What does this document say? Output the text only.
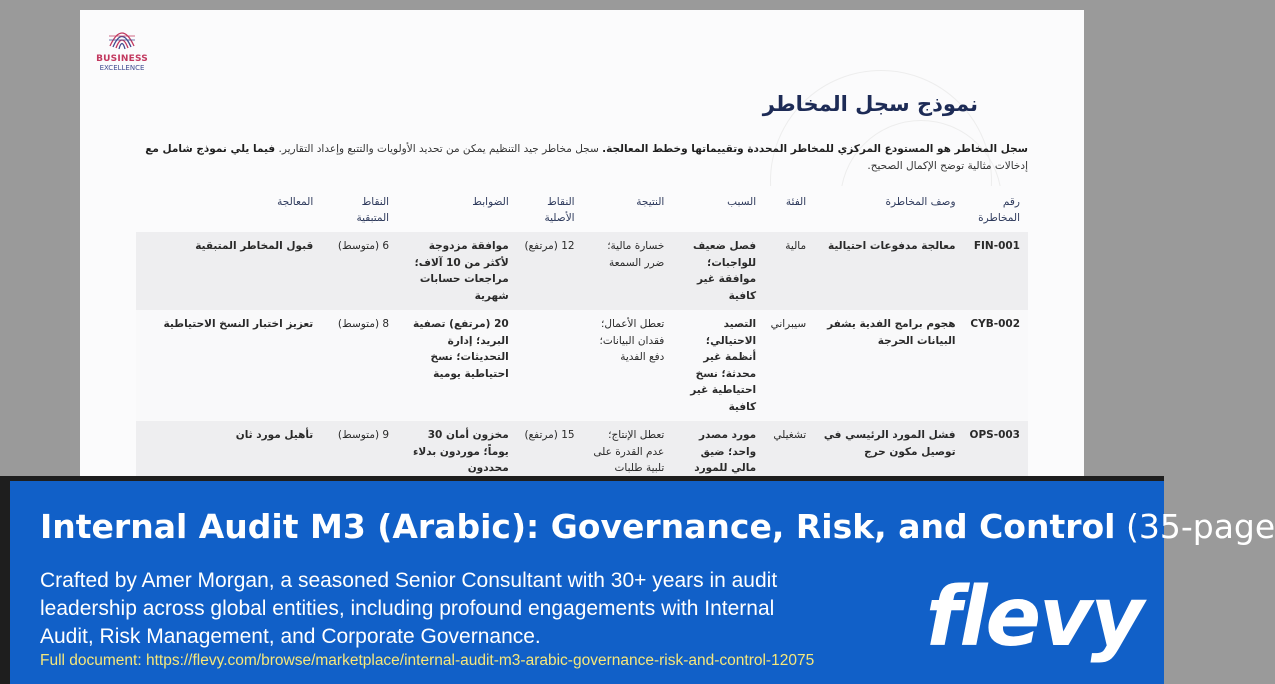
BUSINESS
EXCELLENCE
نموذج سجل المخاطر
سجل المخاطر هو المستودع المركزي للمخاطر المحددة وتقييماتها وخطط المعالجة. سجل مخاطر جيد التنظيم يمكن من تحديد الأولويات والتتبع وإعداد التقارير. فيما يلي نموذج شامل مع
إدخالات مثالية توضح الإكمال الصحيح.
رقم المخاطرة	وصف المخاطرة	الفئة	السبب	النتيجة	النقاط الأصلية	الضوابط	النقاط المتبقية	المعالجة
FIN-001	معالجة مدفوعات احتيالية	مالية	فصل ضعيف للواجبات؛ موافقة غير كافية	خسارة مالية؛ ضرر السمعة	12 (مرتفع)	موافقة مزدوجة لأكثر من 10 آلاف؛ مراجعات حسابات شهرية	6 (متوسط)	قبول المخاطر المتبقية
CYB-002	هجوم برامج الفدية يشفر البيانات الحرجة	سيبراني	التصيد الاحتيالي؛ أنظمة غير محدثة؛ نسخ احتياطية غير كافية	تعطل الأعمال؛ فقدان البيانات؛ دفع الفدية		20 (مرتفع) تصفية البريد؛ إدارة التحديثات؛ نسخ احتياطية يومية	8 (متوسط)	تعزيز اختبار النسخ الاحتياطية
OPS-003	فشل المورد الرئيسي في توصيل مكون حرج	تشغيلي	مورد مصدر واحد؛ ضيق مالي للمورد	تعطل الإنتاج؛ عدم القدرة على تلبية طلبات	15 (مرتفع)	مخزون أمان 30 يوماً؛ موردون بدلاء محددون	9 (متوسط)	تأهيل مورد ثان
Internal Audit M3 (Arabic): Governance, Risk, and Control (35-page
Crafted by Amer Morgan, a seasoned Senior Consultant with 30+ years in audit leadership across global entities, including profound engagements with Internal Audit, Risk Management, and Corporate Governance.
Full document: https://flevy.com/browse/marketplace/internal-audit-m3-arabic-governance-risk-and-control-12075 flevy
